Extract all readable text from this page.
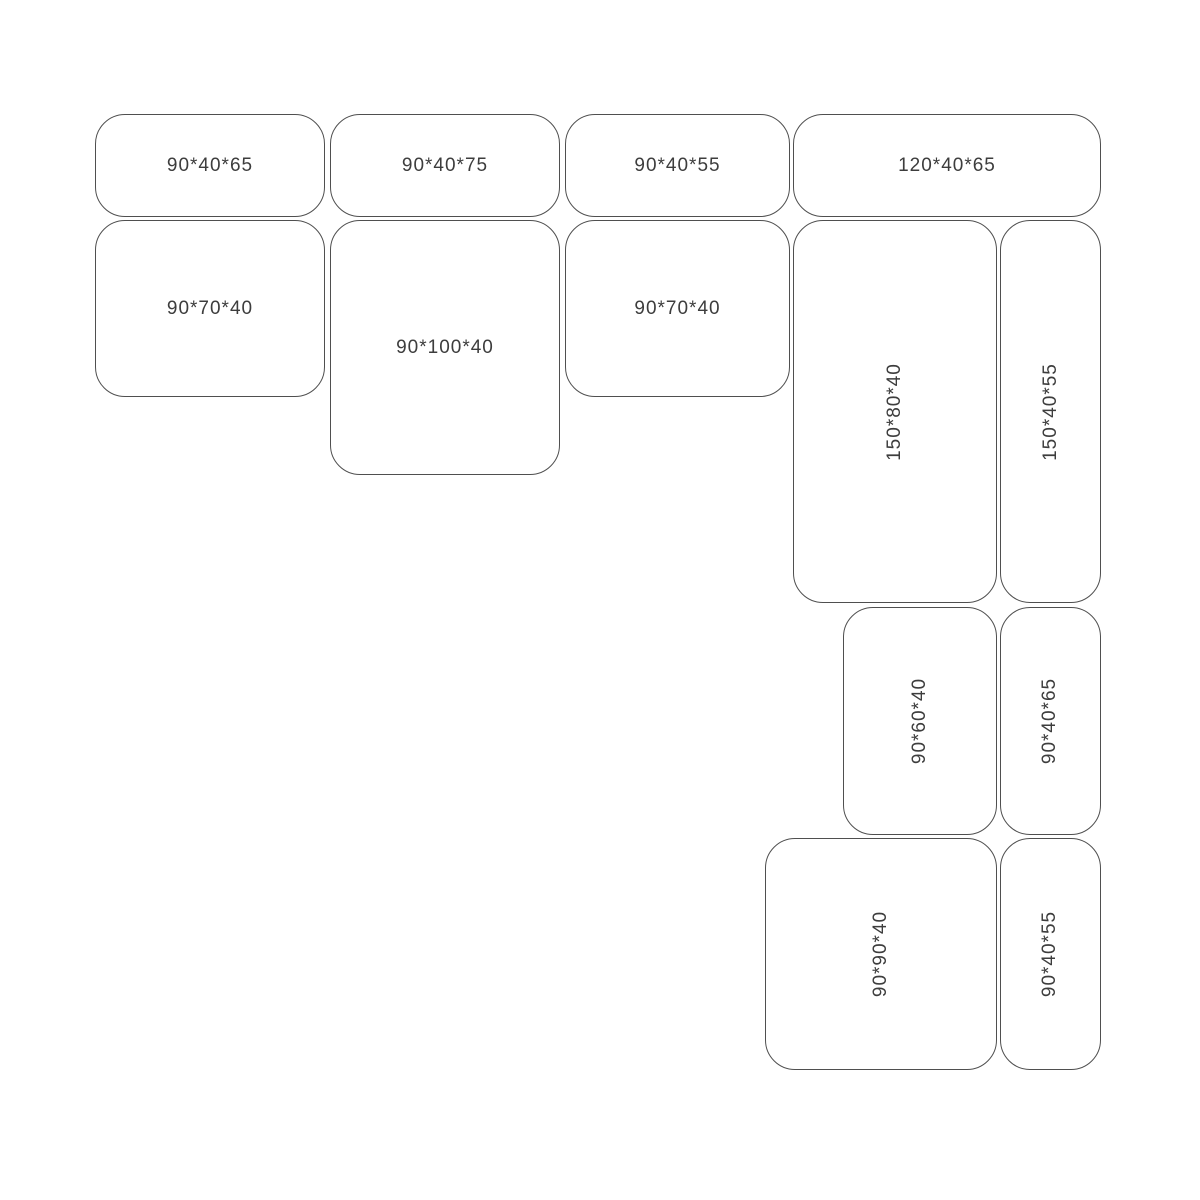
90*40*65	90*40*75	90*40*55	120*40*65
90*70*40
90*100*40
90*70*40
150*80*40	150*40*55
90*60*40	90*40*65
90*90*40	90*40*55
